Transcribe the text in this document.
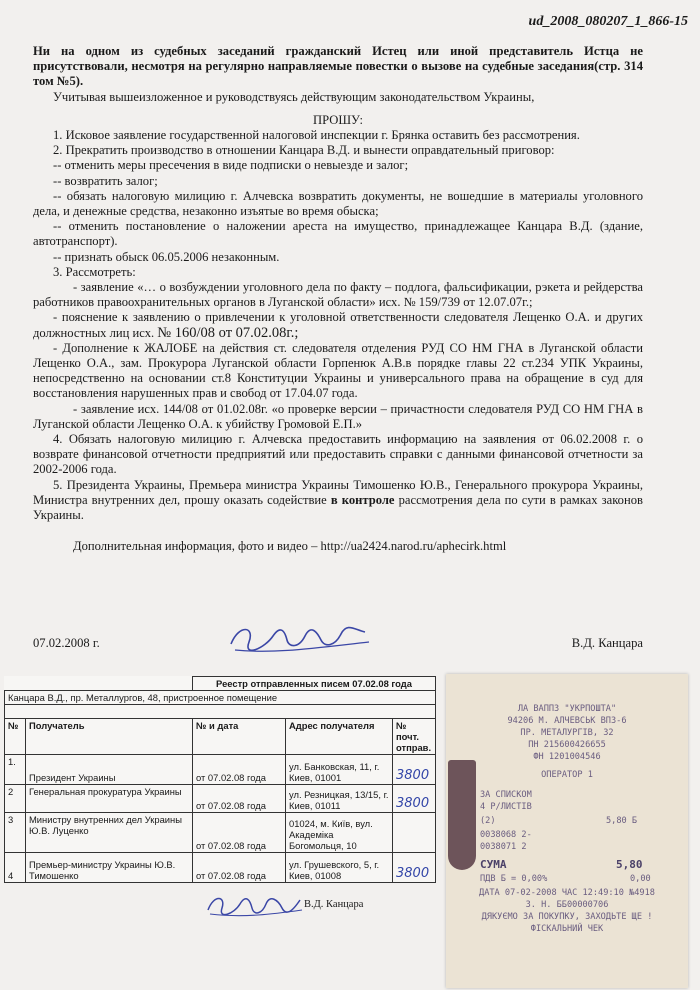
ud_2008_080207_1_866-15

Ни на одном из судебных заседаний гражданский Истец или иной представитель Истца не присутствовали, несмотря на регулярно направляемые повестки о вызове на судебные заседания(стр. 314 том №5).

Учитывая вышеизложенное и руководствуясь действующим законодательством Украины,

ПРОШУ:

1. Исковое заявление государственной налоговой инспекции г. Брянка оставить без рассмотрения.

2. Прекратить производство в отношении Канцара В.Д. и вынести оправдательный приговор:

-- отменить меры пресечения в виде подписки о невыезде и залог;

-- возвратить залог;

-- обязать налоговую милицию г. Алчевска возвратить документы, не вошедшие в материалы уголовного дела, и денежные средства, незаконно изъятые во время обыска;

-- отменить постановление о наложении ареста на имущество, принадлежащее Канцара В.Д. (здание, автотранспорт).

-- признать обыск 06.05.2006 незаконным.

3. Рассмотреть:

- заявление «… о возбуждении уголовного дела по факту – подлога, фальсификации, рэкета и рейдерства работников правоохранительных органов в Луганской области» исх. № 159/739 от 12.07.07г.;

- пояснение к заявлению о привлечении к уголовной ответственности следователя Лещенко О.А. и других должностных лиц исх. № 160/08 от 07.02.08г.;

- Дополнение к ЖАЛОБЕ на действия ст. следователя отделения РУД СО НМ ГНА в Луганской области Лещенко О.А., зам. Прокурора Луганской области Горпенюк А.В.в порядке главы 22 ст.234 УПК Украины, непосредственно на основании ст.8 Конституции Украины и универсального права на обращение в суд для восстановления нарушенных прав и свобод от 17.04.07 года.

- заявление исх. 144/08 от 01.02.08г. «о проверке версии – причастности следователя РУД СО НМ ГНА в Луганской области Лещенко О.А. к убийству Громовой Е.П.»

4. Обязать налоговую милицию г. Алчевска предоставить информацию на заявления от 06.02.2008 г. о возврате финансовой отчетности предприятий или предоставить справки с данными финансовой отчетности за 2002-2006 года.

5. Президента Украины, Премьера министра Украины Тимошенко Ю.В., Генерального прокурора Украины, Министра внутренних дел, прошу оказать содействие в контроле рассмотрения дела по сути в рамках законов Украины.

Дополнительная информация, фото и видео – http://ua2424.narod.ru/aphecirk.html

07.02.2008 г.	В.Д. Канцара
		Реестр отправленных писем 07.02.08 года		
Канцара В.Д., пр. Металлургов, 48, пристроенное помещение				

№	Получатель	№ и дата	Адрес получателя	№ почт. отправ.
1.	Президент Украины	от 07.02.08 года	ул. Банковская, 11, г. Киев, 01001	3800
2	Генеральная прокуратура Украины	от 07.02.08 года	ул. Резницкая, 13/15, г. Киев, 01011	3800
3	Министру внутренних дел Украины Ю.В. Луценко	от 07.02.08 года	01024, м. Київ, вул. Академіка Богомольця, 10	
4	Премьер-министру Украины Ю.В. Тимошенко	от 07.02.08 года	ул. Грушевского, 5, г. Киев, 01008	3800
В.Д. Канцара
ЛА ВАППЗ "УКРПОШТА"
94206 М. АЛЧЕВСЬК ВПЗ-6
ПР. МЕТАЛУРГІВ, 32
ПН 215600426655
ФН 1201004546
ОПЕРАТОР 1
ЗА СПИСКОМ
4 Р/ЛИСТІВ
(2)	5,80 Б
0038068 2-
0038071 2
СУМА	5,80
ПДВ Б = 0,00%	0,00
ДАТА 07-02-2008 ЧАС 12:49:10 №4918
З. Н. ББ00000706
ДЯКУЄМО ЗА ПОКУПКУ, ЗАХОДЬТЕ ЩЕ !
ФІСКАЛЬНИЙ ЧЕК
